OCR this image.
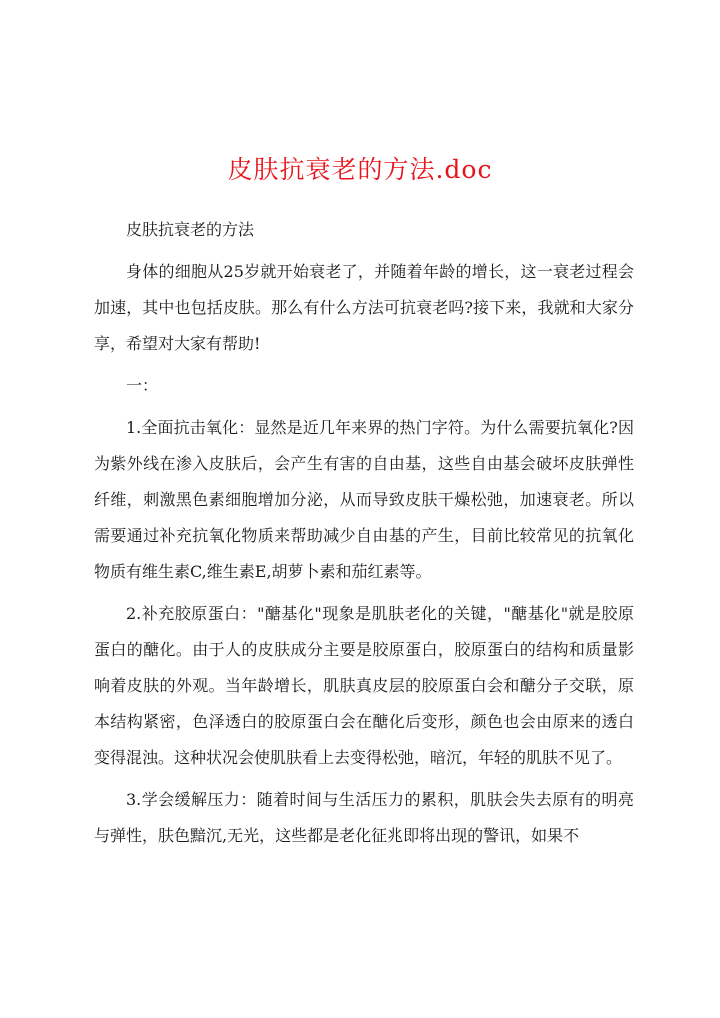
皮肤抗衰老的方法.doc

皮肤抗衰老的方法

身体的细胞从25岁就开始衰老了，并随着年龄的增长，这一衰老过程会加速，其中也包括皮肤。那么有什么方法可抗衰老吗?接下来，我就和大家分享，希望对大家有帮助!

一：

1.全面抗击氧化：显然是近几年来界的热门字符。为什么需要抗氧化?因为紫外线在渗入皮肤后，会产生有害的自由基，这些自由基会破坏皮肤弹性纤维，刺激黑色素细胞增加分泌，从而导致皮肤干燥松弛，加速衰老。所以需要通过补充抗氧化物质来帮助减少自由基的产生，目前比较常见的抗氧化物质有维生素C,维生素E,胡萝卜素和茄红素等。

2.补充胶原蛋白："醣基化"现象是肌肤老化的关键，"醣基化"就是胶原蛋白的醣化。由于人的皮肤成分主要是胶原蛋白，胶原蛋白的结构和质量影响着皮肤的外观。当年龄增长，肌肤真皮层的胶原蛋白会和醣分子交联，原本结构紧密，色泽透白的胶原蛋白会在醣化后变形，颜色也会由原来的透白变得混浊。这种状况会使肌肤看上去变得松弛，暗沉，年轻的肌肤不见了。

3.学会缓解压力：随着时间与生活压力的累积，肌肤会失去原有的明亮与弹性，肤色黯沉,无光，这些都是老化征兆即将出现的警讯，如果不
